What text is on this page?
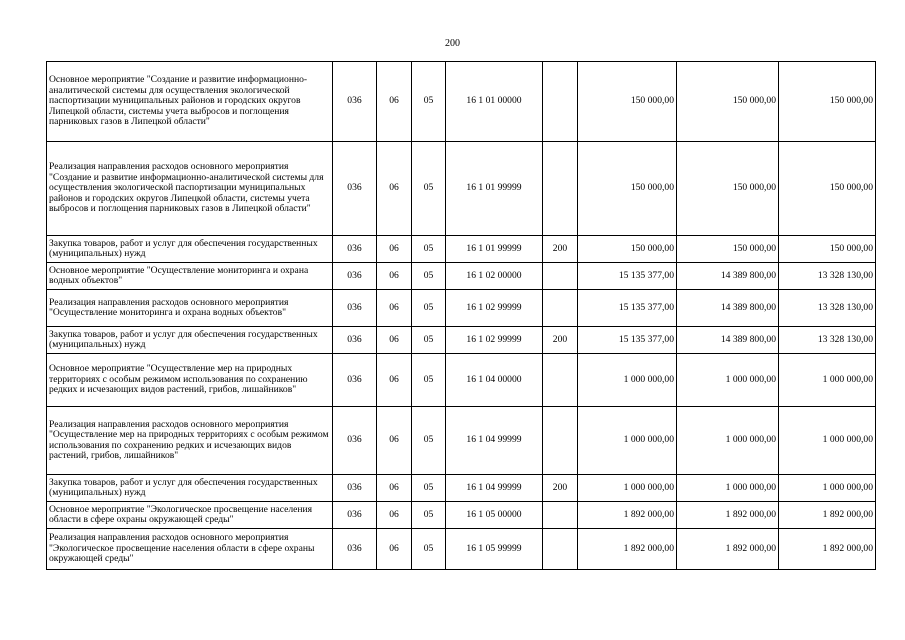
200
Основное мероприятие "Создание и развитие информационно-аналитической системы для осуществления экологической паспортизации муниципальных районов и городских округов Липецкой области, системы учета выбросов и поглощения парниковых газов в Липецкой области"	036	06	05	16 1 01 00000		150 000,00	150 000,00	150 000,00
Реализация направления расходов основного мероприятия "Создание и развитие информационно-аналитической системы для осуществления экологической паспортизации муниципальных районов и городских округов Липецкой области, системы учета выбросов и поглощения парниковых газов в Липецкой области"	036	06	05	16 1 01 99999		150 000,00	150 000,00	150 000,00
Закупка товаров, работ и услуг для обеспечения государственных (муниципальных) нужд	036	06	05	16 1 01 99999	200	150 000,00	150 000,00	150 000,00
Основное мероприятие "Осуществление мониторинга и охрана водных объектов"	036	06	05	16 1 02 00000		15 135 377,00	14 389 800,00	13 328 130,00
Реализация направления расходов основного мероприятия "Осуществление мониторинга и охрана водных объектов"	036	06	05	16 1 02 99999		15 135 377,00	14 389 800,00	13 328 130,00
Закупка товаров, работ и услуг для обеспечения государственных (муниципальных) нужд	036	06	05	16 1 02 99999	200	15 135 377,00	14 389 800,00	13 328 130,00
Основное мероприятие "Осуществление мер на природных территориях с особым режимом использования по сохранению редких и исчезающих видов растений, грибов, лишайников"	036	06	05	16 1 04 00000		1 000 000,00	1 000 000,00	1 000 000,00
Реализация направления расходов основного мероприятия "Осуществление мер на природных территориях с особым режимом использования по сохранению редких и исчезающих видов растений, грибов, лишайников"	036	06	05	16 1 04 99999		1 000 000,00	1 000 000,00	1 000 000,00
Закупка товаров, работ и услуг для обеспечения государственных (муниципальных) нужд	036	06	05	16 1 04 99999	200	1 000 000,00	1 000 000,00	1 000 000,00
Основное мероприятие "Экологическое просвещение населения области в сфере охраны окружающей среды"	036	06	05	16 1 05 00000		1 892 000,00	1 892 000,00	1 892 000,00
Реализация направления расходов основного мероприятия "Экологическое просвещение населения области в сфере охраны окружающей среды"	036	06	05	16 1 05 99999		1 892 000,00	1 892 000,00	1 892 000,00
